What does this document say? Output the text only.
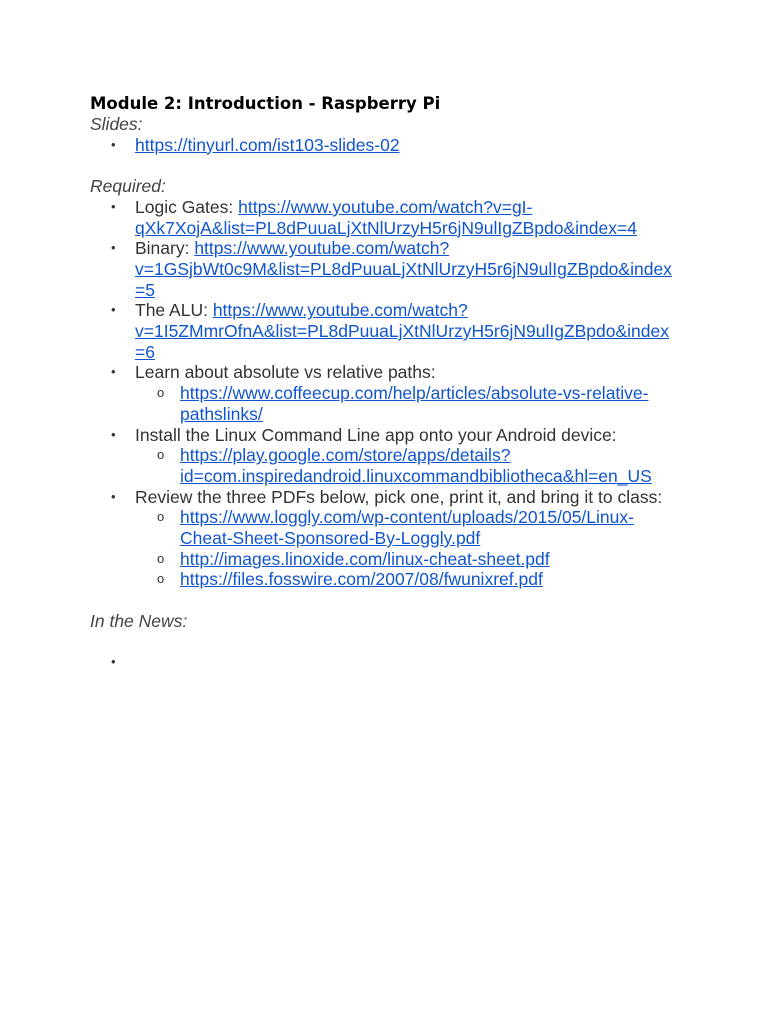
Module 2: Introduction - Raspberry Pi
Slides:
• https://tinyurl.com/ist103-slides-02
Required:
• Logic Gates: https://www.youtube.com/watch?v=gI-
qXk7XojA&list=PL8dPuuaLjXtNlUrzyH5r6jN9ulIgZBpdo&index=4
• Binary: https://www.youtube.com/watch?
v=1GSjbWt0c9M&list=PL8dPuuaLjXtNlUrzyH5r6jN9ulIgZBpdo&index
=5
• The ALU: https://www.youtube.com/watch?
v=1I5ZMmrOfnA&list=PL8dPuuaLjXtNlUrzyH5r6jN9ulIgZBpdo&index
=6
• Learn about absolute vs relative paths:
o https://www.coffeecup.com/help/articles/absolute-vs-relative-
pathslinks/
• Install the Linux Command Line app onto your Android device:
o https://play.google.com/store/apps/details?
id=com.inspiredandroid.linuxcommandbibliotheca&hl=en_US
• Review the three PDFs below, pick one, print it, and bring it to class:
o https://www.loggly.com/wp-content/uploads/2015/05/Linux-
Cheat-Sheet-Sponsored-By-Loggly.pdf
o http://images.linoxide.com/linux-cheat-sheet.pdf
o https://files.fosswire.com/2007/08/fwunixref.pdf
In the News:
•
